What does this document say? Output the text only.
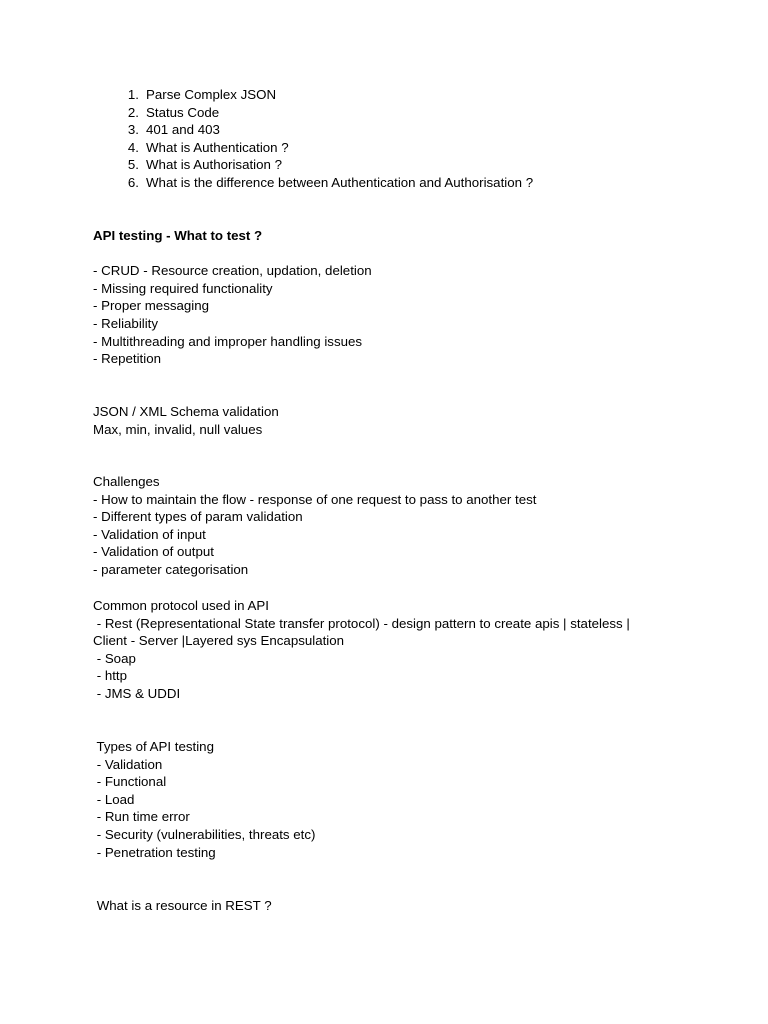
1. Parse Complex JSON
2. Status Code
3. 401 and 403
4. What is Authentication ?
5. What is Authorisation ?
6. What is the difference between Authentication and Authorisation ?
API testing - What to test ?
- CRUD - Resource creation, updation, deletion
- Missing required functionality
- Proper messaging
- Reliability
- Multithreading and improper handling issues
- Repetition
JSON / XML Schema validation
Max, min, invalid, null values
Challenges
- How to maintain the flow - response of one request to pass to another test
- Different types of param validation
- Validation of input
- Validation of output
- parameter categorisation
Common protocol used in API
- Rest (Representational State transfer protocol) - design pattern to create apis | stateless |
Client - Server |Layered sys Encapsulation
- Soap
- http
- JMS & UDDI
Types of API testing
- Validation
- Functional
- Load
- Run time error
- Security (vulnerabilities, threats etc)
- Penetration testing
What is a resource in REST ?
